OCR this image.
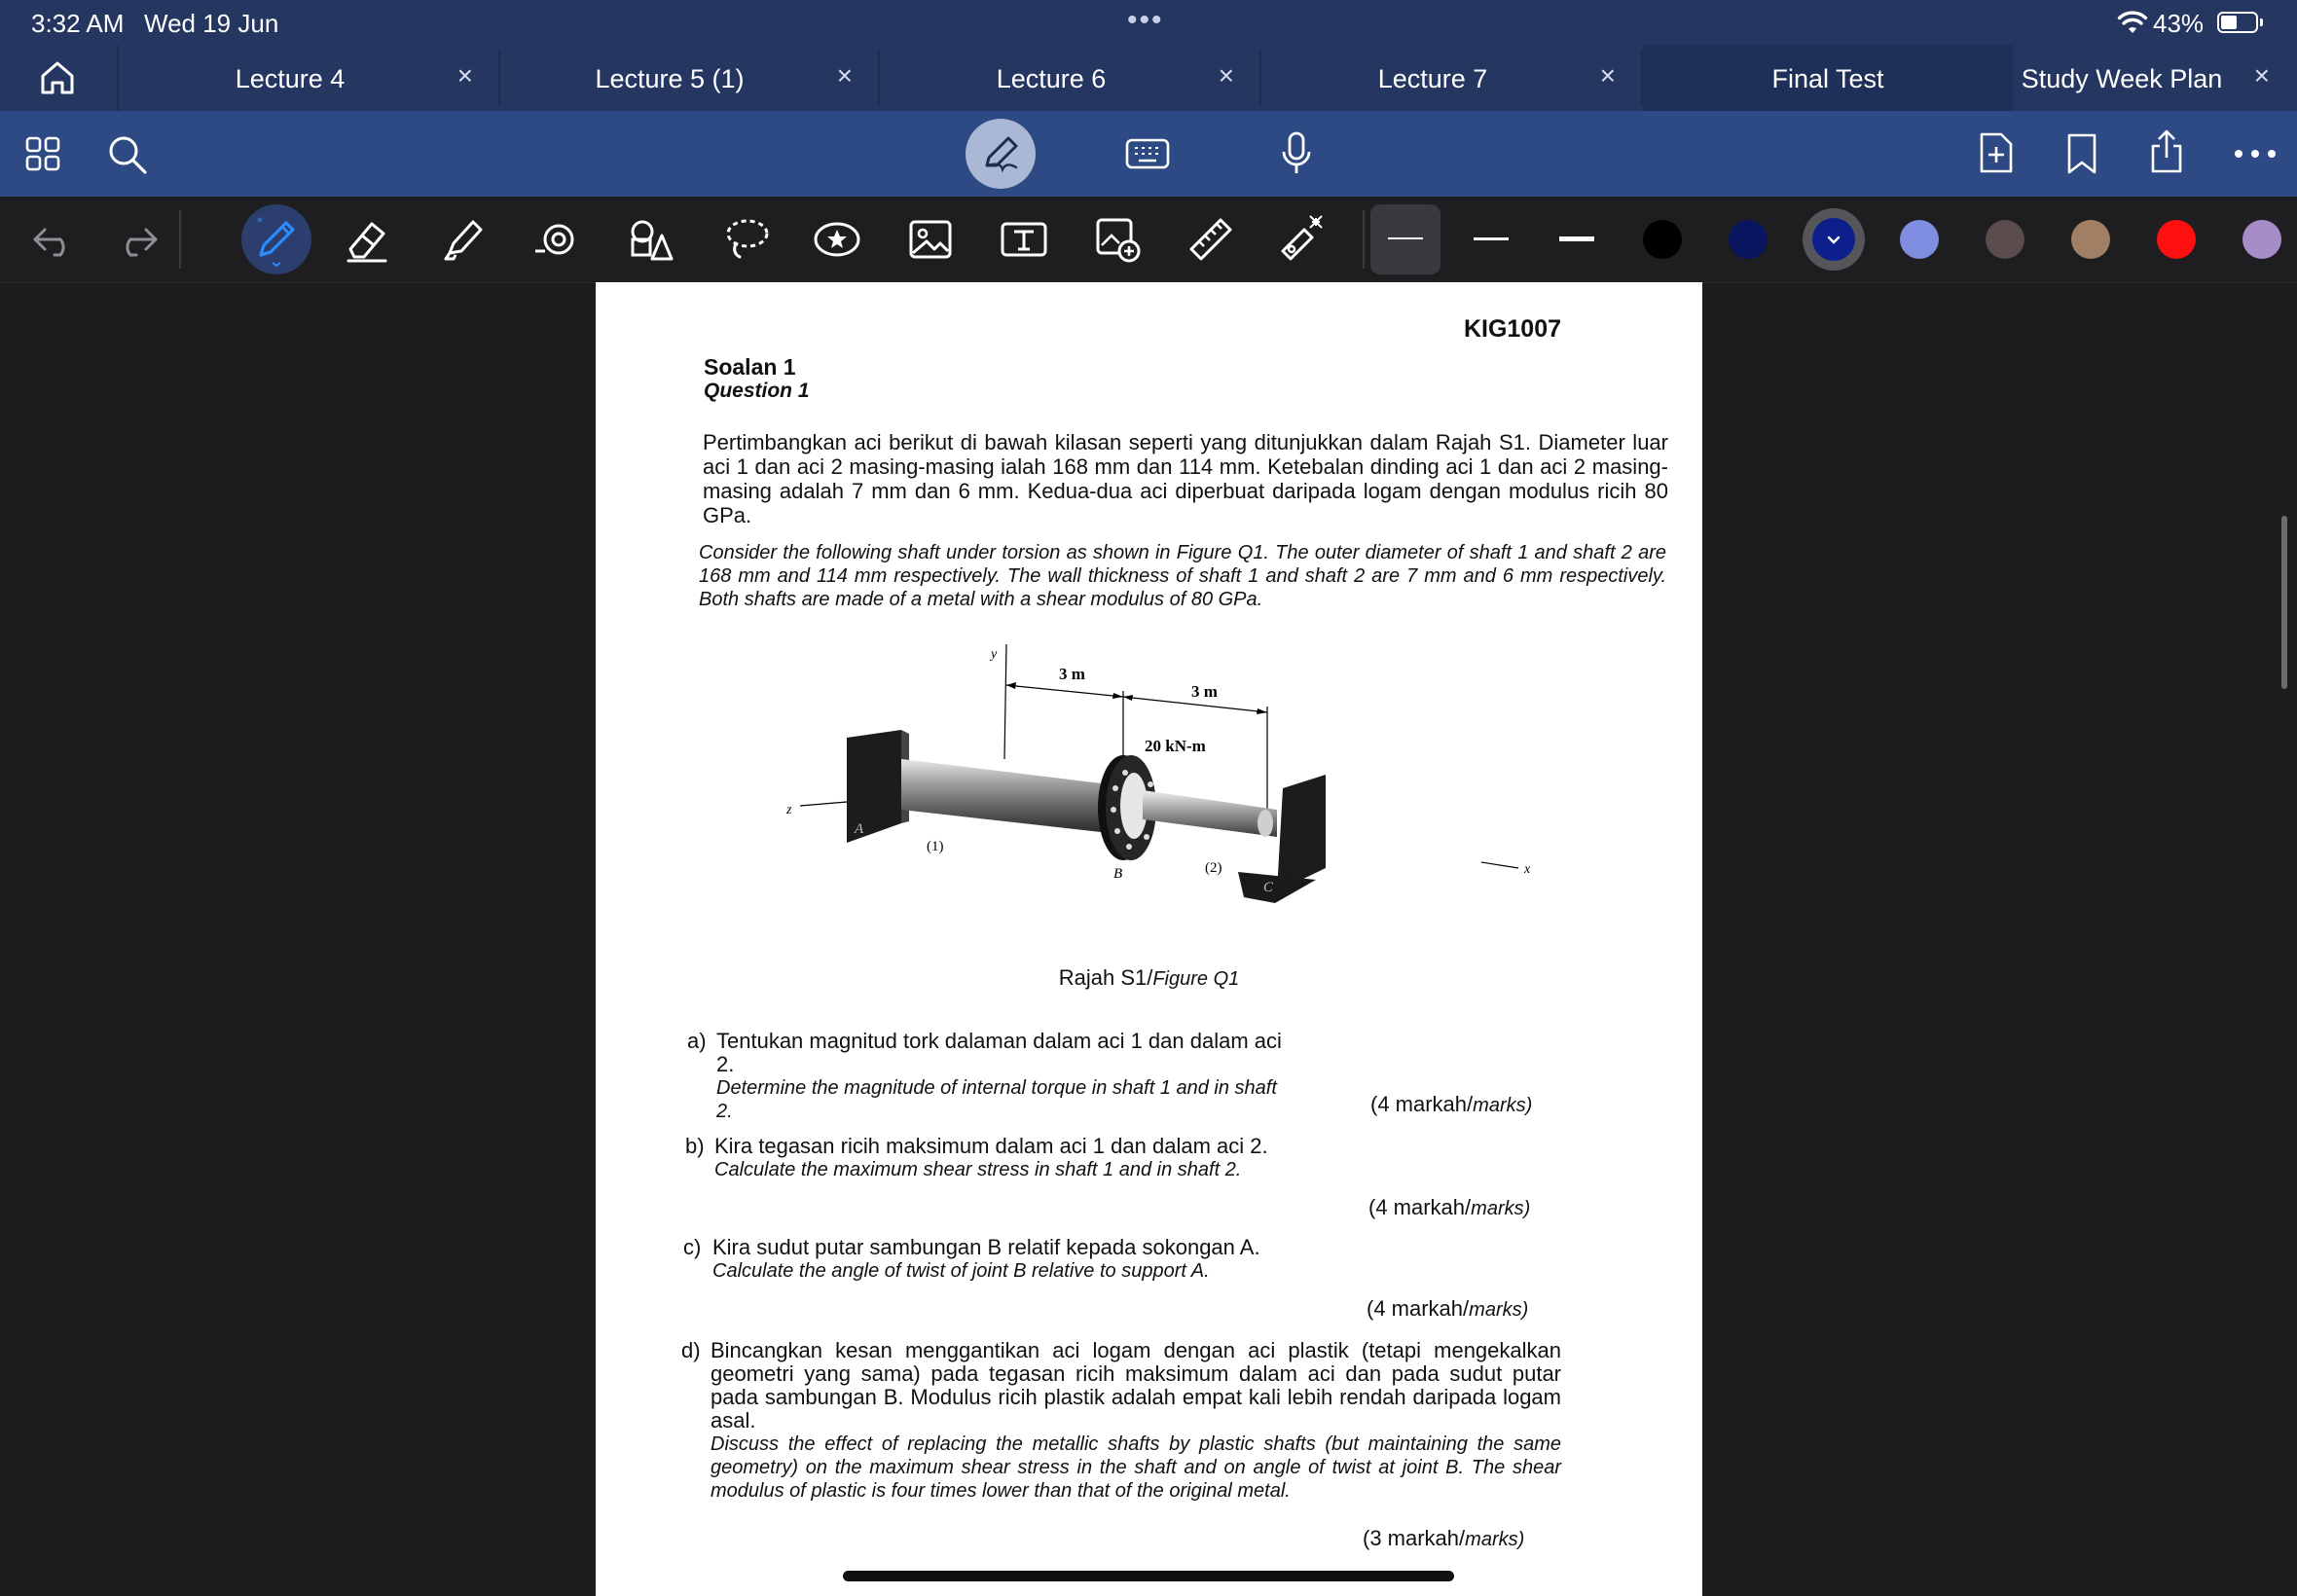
3:32 AM Wed 19 Jun	•••	43%
Lecture 4	×	Lecture 5 (1)	×	Lecture 6	×	Lecture 7	×	Final Test	Study Week Plan	×
*
KIG1007
Soalan 1
Question 1
Pertimbangkan aci berikut di bawah kilasan seperti yang ditunjukkan dalam Rajah S1. Diameter luar aci 1 dan aci 2 masing-masing ialah 168 mm dan 114 mm. Ketebalan dinding aci 1 dan aci 2 masing-masing adalah 7 mm dan 6 mm. Kedua-dua aci diperbuat daripada logam dengan modulus ricih 80 GPa.
Consider the following shaft under torsion as shown in Figure Q1. The outer diameter of shaft 1 and shaft 2 are 168 mm and 114 mm respectively. The wall thickness of shaft 1 and shaft 2 are 7 mm and 6 mm respectively. Both shafts are made of a metal with a shear modulus of 80 GPa.
y
z
x
3 m
3 m
A
(1)
B	(2)
20 kN-m
C
Rajah S1/Figure Q1
a) Tentukan magnitud tork dalaman dalam aci 1 dan dalam aci 2.
Determine the magnitude of internal torque in shaft 1 and in shaft 2.	(4 markah/marks)
b) Kira tegasan ricih maksimum dalam aci 1 dan dalam aci 2.
Calculate the maximum shear stress in shaft 1 and in shaft 2.
(4 markah/marks)
c) Kira sudut putar sambungan B relatif kepada sokongan A.
Calculate the angle of twist of joint B relative to support A.
(4 markah/marks)
d) Bincangkan kesan menggantikan aci logam dengan aci plastik (tetapi mengekalkan geometri yang sama) pada tegasan ricih maksimum dalam aci dan pada sudut putar pada sambungan B. Modulus ricih plastik adalah empat kali lebih rendah daripada logam asal.
Discuss the effect of replacing the metallic shafts by plastic shafts (but maintaining the same geometry) on the maximum shear stress in the shaft and on angle of twist at joint B. The shear modulus of plastic is four times lower than that of the original metal.
(3 markah/marks)
